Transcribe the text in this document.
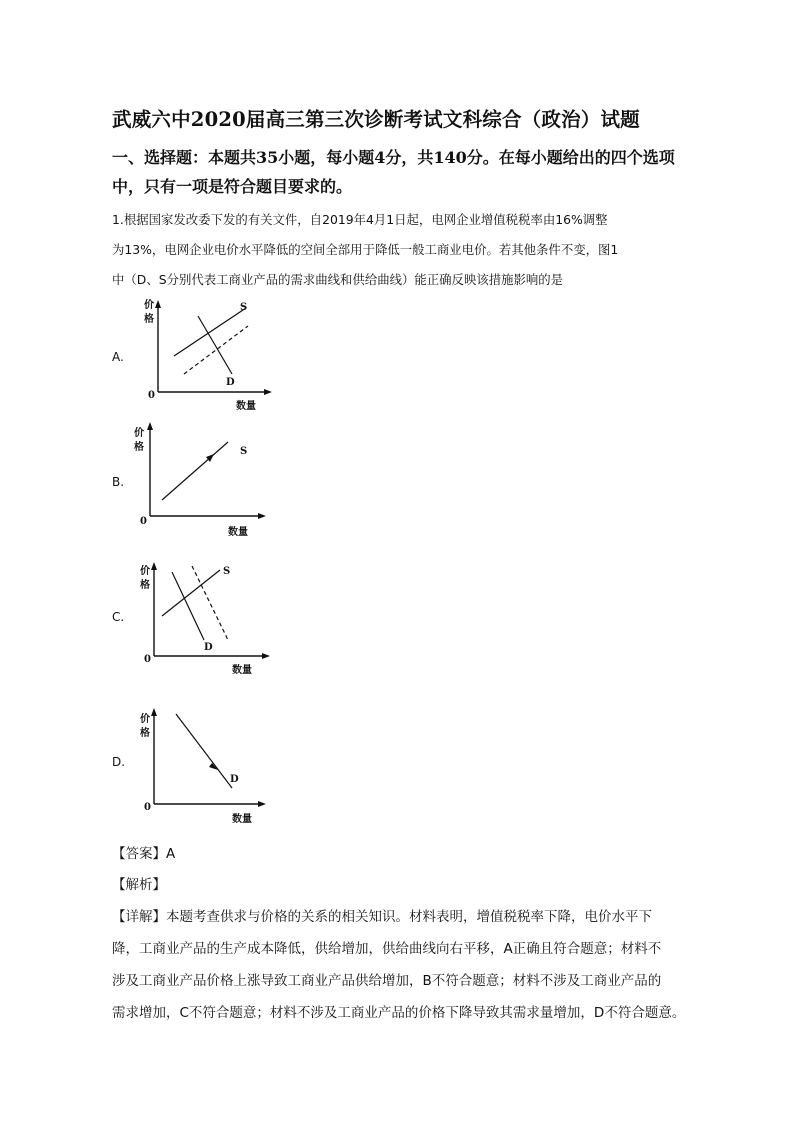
武威六中2020届高三第三次诊断考试文科综合（政治）试题
一、选择题：本题共35小题，每小题4分，共140分。在每小题给出的四个选项
中，只有一项是符合题目要求的。
1.根据国家发改委下发的有关文件，自2019年4月1日起，电网企业增值税税率由16%调整
为13%，电网企业电价水平降低的空间全部用于降低一般工商业电价。若其他条件不变，图1
中（D、S分别代表工商业产品的需求曲线和供给曲线）能正确反映该措施影响的是
A.
价
格
0
数量
S
D
B.
价
格
0
数量
S
C.
价
格
0
数量
S
D
D.
价
格
0
数量
D
【答案】A
【解析】
【详解】本题考查供求与价格的关系的相关知识。材料表明，增值税税率下降，电价水平下
降，工商业产品的生产成本降低，供给增加，供给曲线向右平移，A正确且符合题意；材料不
涉及工商业产品价格上涨导致工商业产品供给增加，B不符合题意；材料不涉及工商业产品的
需求增加，C不符合题意；材料不涉及工商业产品的价格下降导致其需求量增加，D不符合题意。
